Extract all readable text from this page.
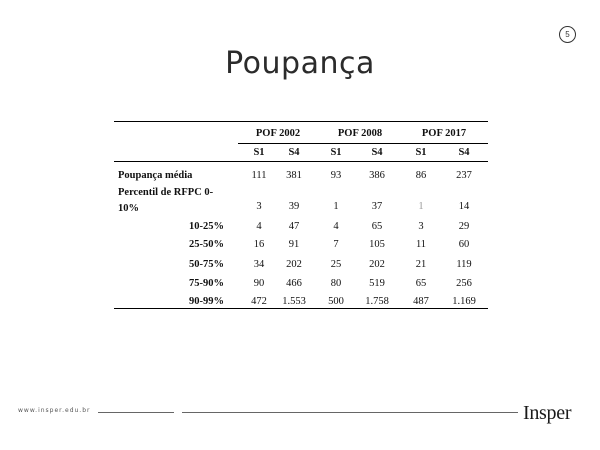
5
Poupança
POF 2002	POF 2008	POF 2017
S1	S4	S1	S4	S1	S4
Poupança média	111	381	93	386	86	237
Percentil de RFPC 0-
10%	3	39	1	37	1	14
10-25%	4	47	4	65	3	29
25-50%	16	91	7	105	11	60
50-75%	34	202	25	202	21	119
75-90%	90	466	80	519	65	256
90-99%	472	1.553	500	1.758	487	1.169
www.insper.edu.br	Insper
